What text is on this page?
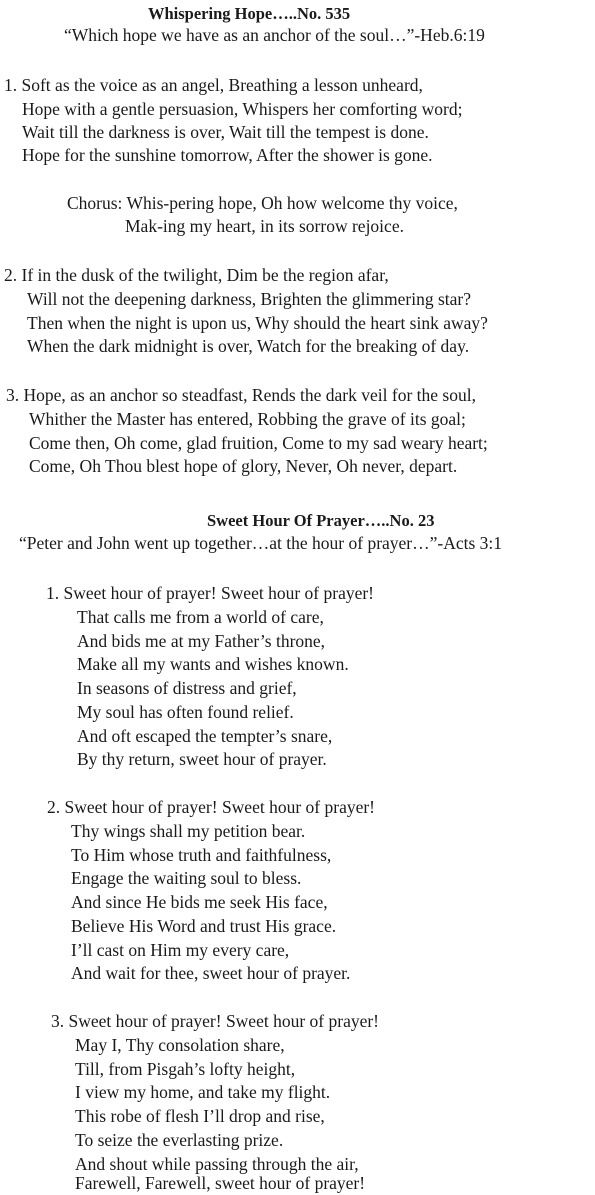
Whispering Hope…..No. 535
“Which hope we have as an anchor of the soul…”-Heb.6:19
1. Soft as the voice as an angel, Breathing a lesson unheard,
Hope with a gentle persuasion, Whispers her comforting word;
Wait till the darkness is over, Wait till the tempest is done.
Hope for the sunshine tomorrow, After the shower is gone.
Chorus: Whis-pering hope, Oh how welcome thy voice,
Mak-ing my heart, in its sorrow rejoice.
2. If in the dusk of the twilight, Dim be the region afar,
Will not the deepening darkness, Brighten the glimmering star?
Then when the night is upon us, Why should the heart sink away?
When the dark midnight is over, Watch for the breaking of day.
3. Hope, as an anchor so steadfast, Rends the dark veil for the soul,
Whither the Master has entered, Robbing the grave of its goal;
Come then, Oh come, glad fruition, Come to my sad weary heart;
Come, Oh Thou blest hope of glory, Never, Oh never, depart.
Sweet Hour Of Prayer…..No. 23
“Peter and John went up together…at the hour of prayer…”-Acts 3:1
1. Sweet hour of prayer! Sweet hour of prayer!
That calls me from a world of care,
And bids me at my Father’s throne,
Make all my wants and wishes known.
In seasons of distress and grief,
My soul has often found relief.
And oft escaped the tempter’s snare,
By thy return, sweet hour of prayer.
2. Sweet hour of prayer! Sweet hour of prayer!
Thy wings shall my petition bear.
To Him whose truth and faithfulness,
Engage the waiting soul to bless.
And since He bids me seek His face,
Believe His Word and trust His grace.
I’ll cast on Him my every care,
And wait for thee, sweet hour of prayer.
3. Sweet hour of prayer! Sweet hour of prayer!
May I, Thy consolation share,
Till, from Pisgah’s lofty height,
I view my home, and take my flight.
This robe of flesh I’ll drop and rise,
To seize the everlasting prize.
And shout while passing through the air,
Farewell, Farewell, sweet hour of prayer!
